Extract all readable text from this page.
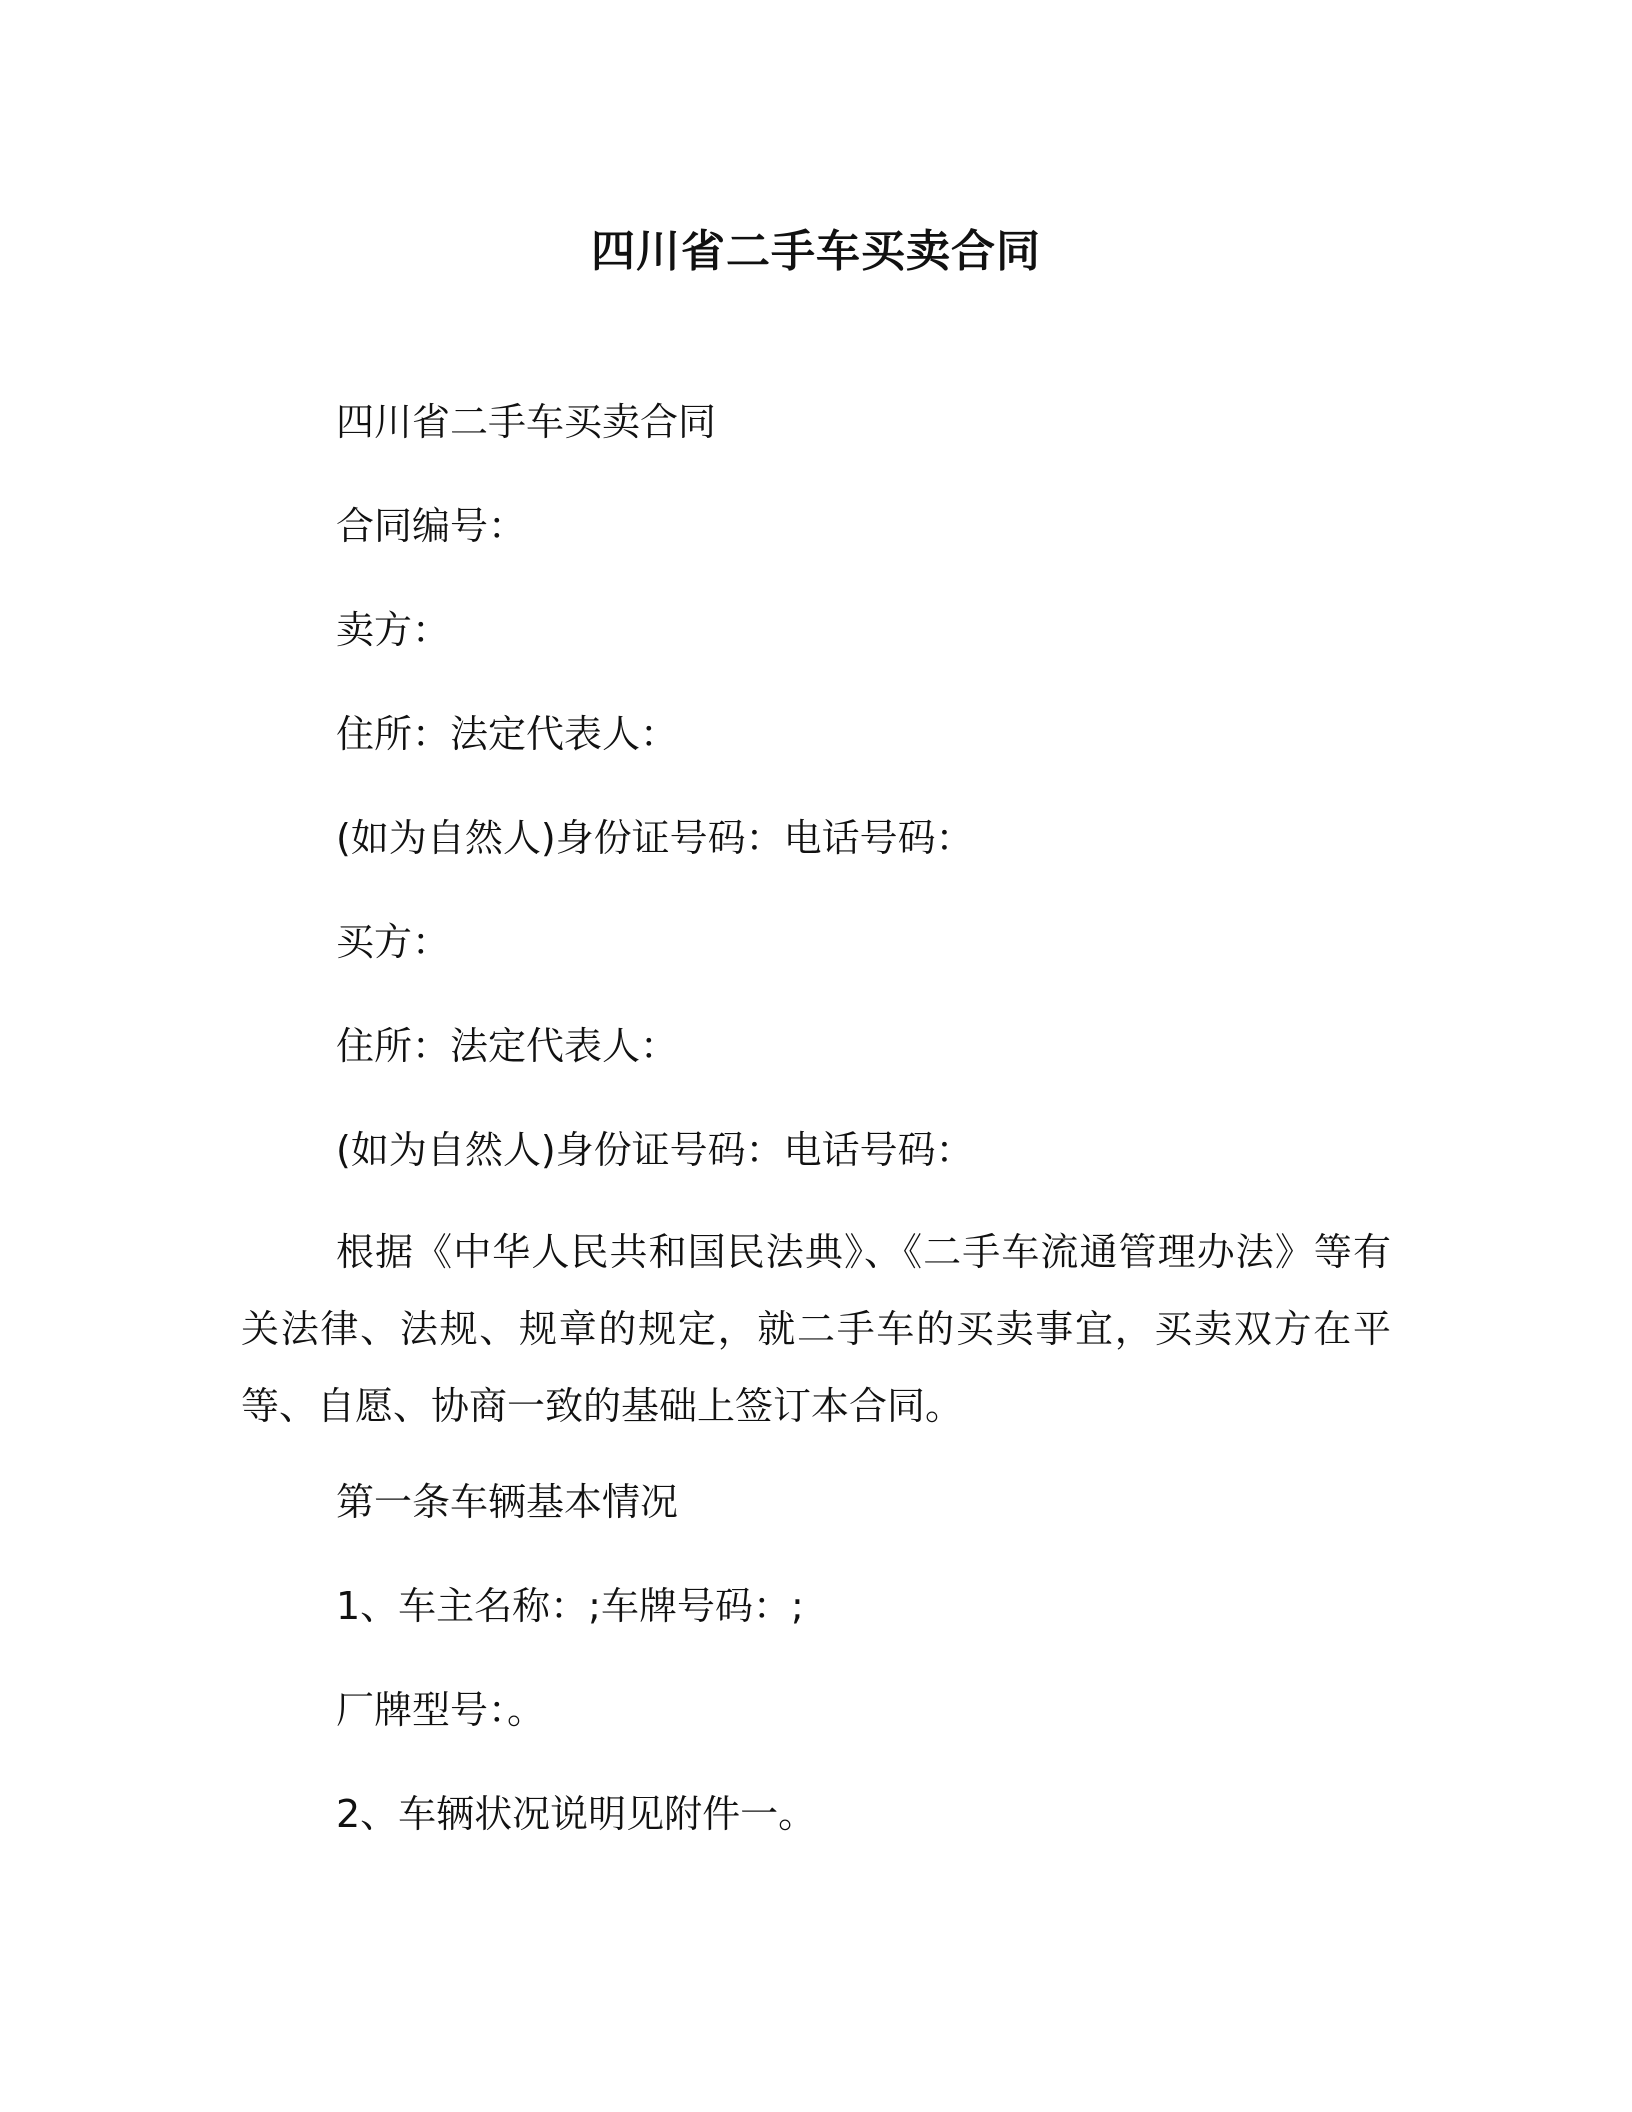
四川省二手车买卖合同

四川省二手车买卖合同

合同编号：

卖方：

住所：法定代表人：

(如为自然人)身份证号码：电话号码：

买方：

住所：法定代表人：

(如为自然人)身份证号码：电话号码：

根据《中华人民共和国民法典》、《二手车流通管理办法》等有关法律、法规、规章的规定，就二手车的买卖事宜，买卖双方在平等、自愿、协商一致的基础上签订本合同。

第一条车辆基本情况

1、车主名称：;车牌号码：;

厂牌型号：。

2、车辆状况说明见附件一。
